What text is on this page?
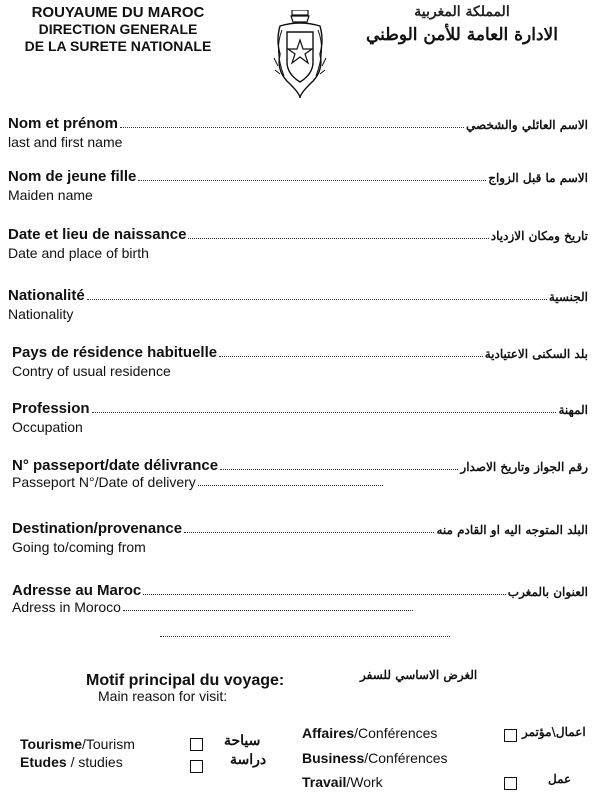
ROUYAUME DU MAROC
DIRECTION GENERALE
DE LA SURETE NATIONALE
المملكة المغربية
الادارة العامة للأمن الوطني
Nom et prénom	الاسم العائلي والشخصي
last and first name
Nom de jeune fille	الاسم ما قبل الزواج
Maiden name
Date et lieu de naissance	تاريخ ومكان الازدياد
Date and place of birth
Nationalité	الجنسية
Nationality
Pays de résidence habituelle	بلد السكنى الاعتيادية
Contry of usual residence
Profession	المهنة
Occupation
N° passeport/date délivrance	رقم الجواز وتاريخ الاصدار
Passeport N°/Date of delivery
Destination/provenance	البلد المتوجه اليه او القادم منه
Going to/coming from
Adresse au Maroc	العنوان بالمغرب
Adress in Moroco
Motif principal du voyage:
Main reason for visit:
الغرض الاساسي للسفر
Tourisme/Tourism	سياحة
Etudes / studies	دراسة
Affaires/Conférences	اعمال\مؤتمر
Business/Conférences
Travail/Work	عمل
